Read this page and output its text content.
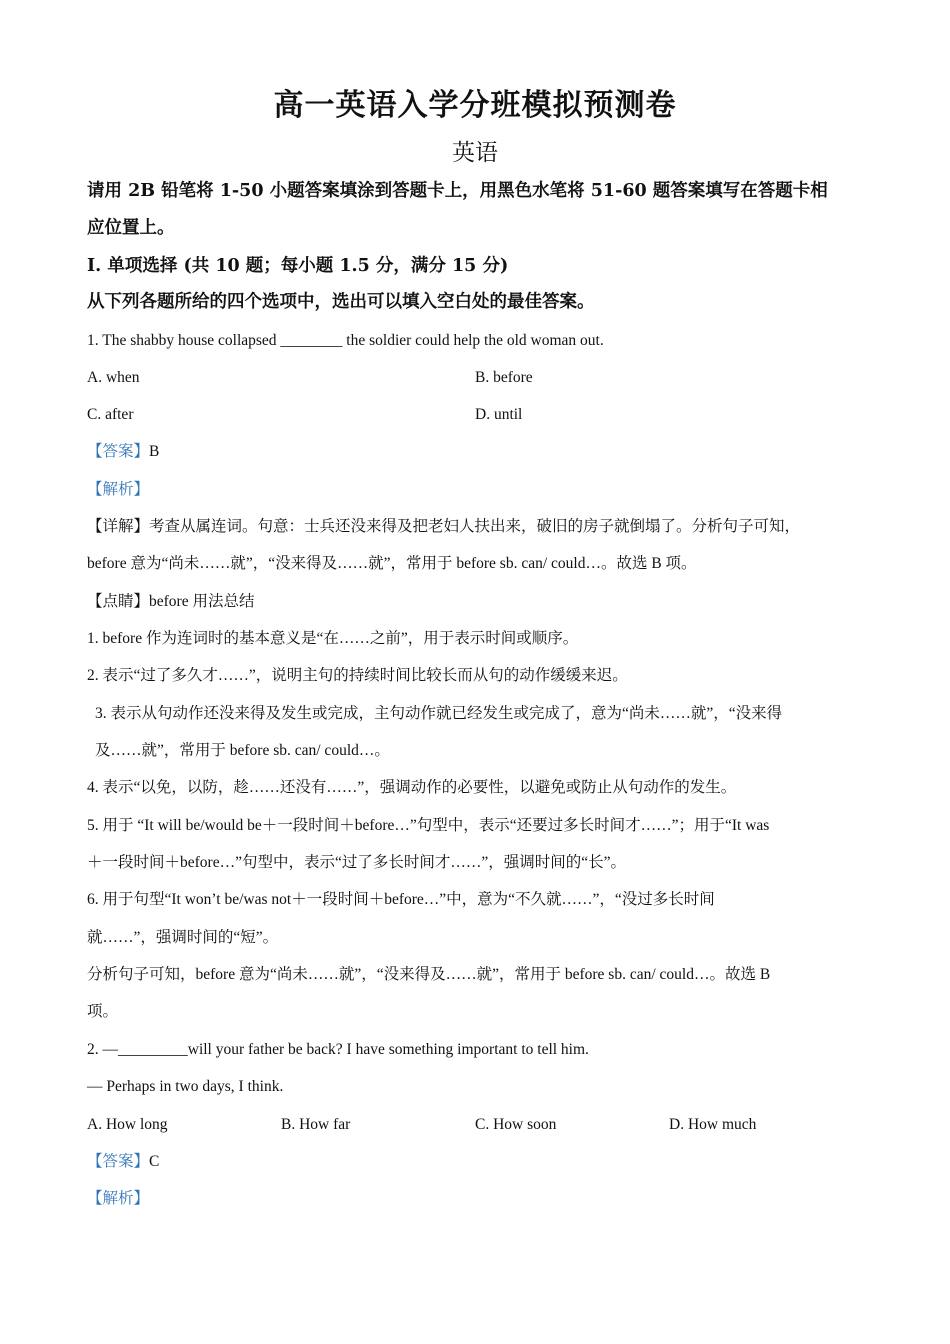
高一英语入学分班模拟预测卷
英语
请用 2B 铅笔将 1-50 小题答案填涂到答题卡上，用黑色水笔将 51-60 题答案填写在答题卡相
应位置上。
I. 单项选择 (共 10 题；每小题 1.5 分，满分 15 分)
从下列各题所给的四个选项中，选出可以填入空白处的最佳答案。
1. The shabby house collapsed ________ the soldier could help the old woman out.
A. when	B. before
C. after	D. until
【答案】B
【解析】
【详解】考查从属连词。句意：士兵还没来得及把老妇人扶出来，破旧的房子就倒塌了。分析句子可知，
before 意为“尚未……就”，“没来得及……就”，常用于 before sb. can/ could…。故选 B 项。
【点睛】before 用法总结
1. before 作为连词时的基本意义是“在……之前”，用于表示时间或顺序。
2. 表示“过了多久才……”，说明主句的持续时间比较长而从句的动作缓缓来迟。
3. 表示从句动作还没来得及发生或完成，主句动作就已经发生或完成了，意为“尚未……就”，“没来得
及……就”，常用于 before sb. can/ could…。
4. 表示“以免，以防，趁……还没有……”，强调动作的必要性，以避免或防止从句动作的发生。
5. 用于 “It will be/would be＋一段时间＋before…”句型中，表示“还要过多长时间才……”；用于“It was
＋一段时间＋before…”句型中，表示“过了多长时间才……”，强调时间的“长”。
6. 用于句型“It won’t be/was not＋一段时间＋before…”中，意为“不久就……”，“没过多长时间
就……”，强调时间的“短”。
分析句子可知，before 意为“尚未……就”，“没来得及……就”，常用于 before sb. can/ could…。故选 B
项。
2. —_________will your father be back? I have something important to tell him.
— Perhaps in two days, I think.
A. How long	B. How far	C. How soon	D. How much
【答案】C
【解析】
